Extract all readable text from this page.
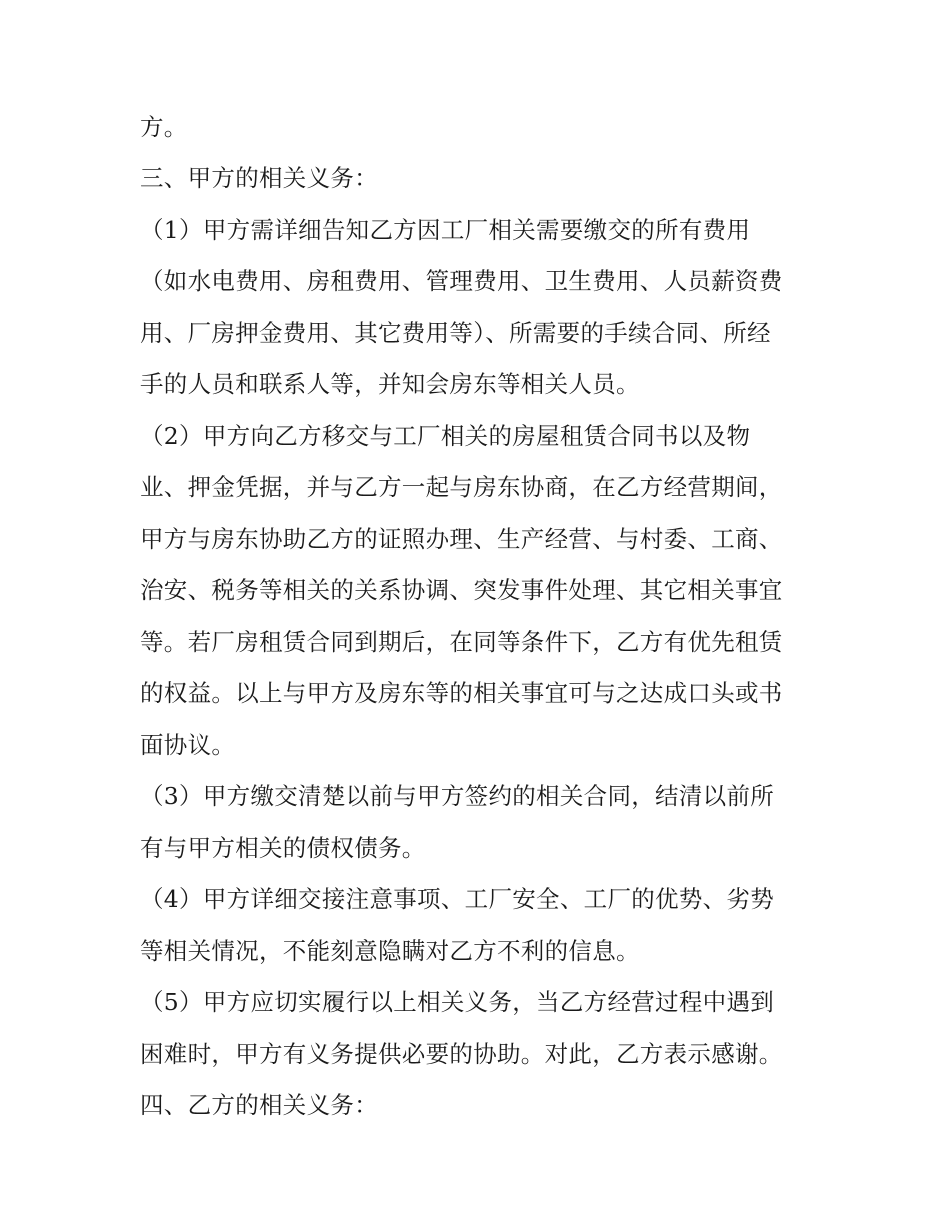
方。
三、甲方的相关义务：
（1）甲方需详细告知乙方因工厂相关需要缴交的所有费用
（如水电费用、房租费用、管理费用、卫生费用、人员薪资费
用、厂房押金费用、其它费用等）、所需要的手续合同、所经
手的人员和联系人等，并知会房东等相关人员。
（2）甲方向乙方移交与工厂相关的房屋租赁合同书以及物
业、押金凭据，并与乙方一起与房东协商，在乙方经营期间，
甲方与房东协助乙方的证照办理、生产经营、与村委、工商、
治安、税务等相关的关系协调、突发事件处理、其它相关事宜
等。若厂房租赁合同到期后，在同等条件下，乙方有优先租赁
的权益。以上与甲方及房东等的相关事宜可与之达成口头或书
面协议。
（3）甲方缴交清楚以前与甲方签约的相关合同，结清以前所
有与甲方相关的债权债务。
（4）甲方详细交接注意事项、工厂安全、工厂的优势、劣势
等相关情况，不能刻意隐瞒对乙方不利的信息。
（5）甲方应切实履行以上相关义务，当乙方经营过程中遇到
困难时，甲方有义务提供必要的协助。对此，乙方表示感谢。
四、乙方的相关义务：
